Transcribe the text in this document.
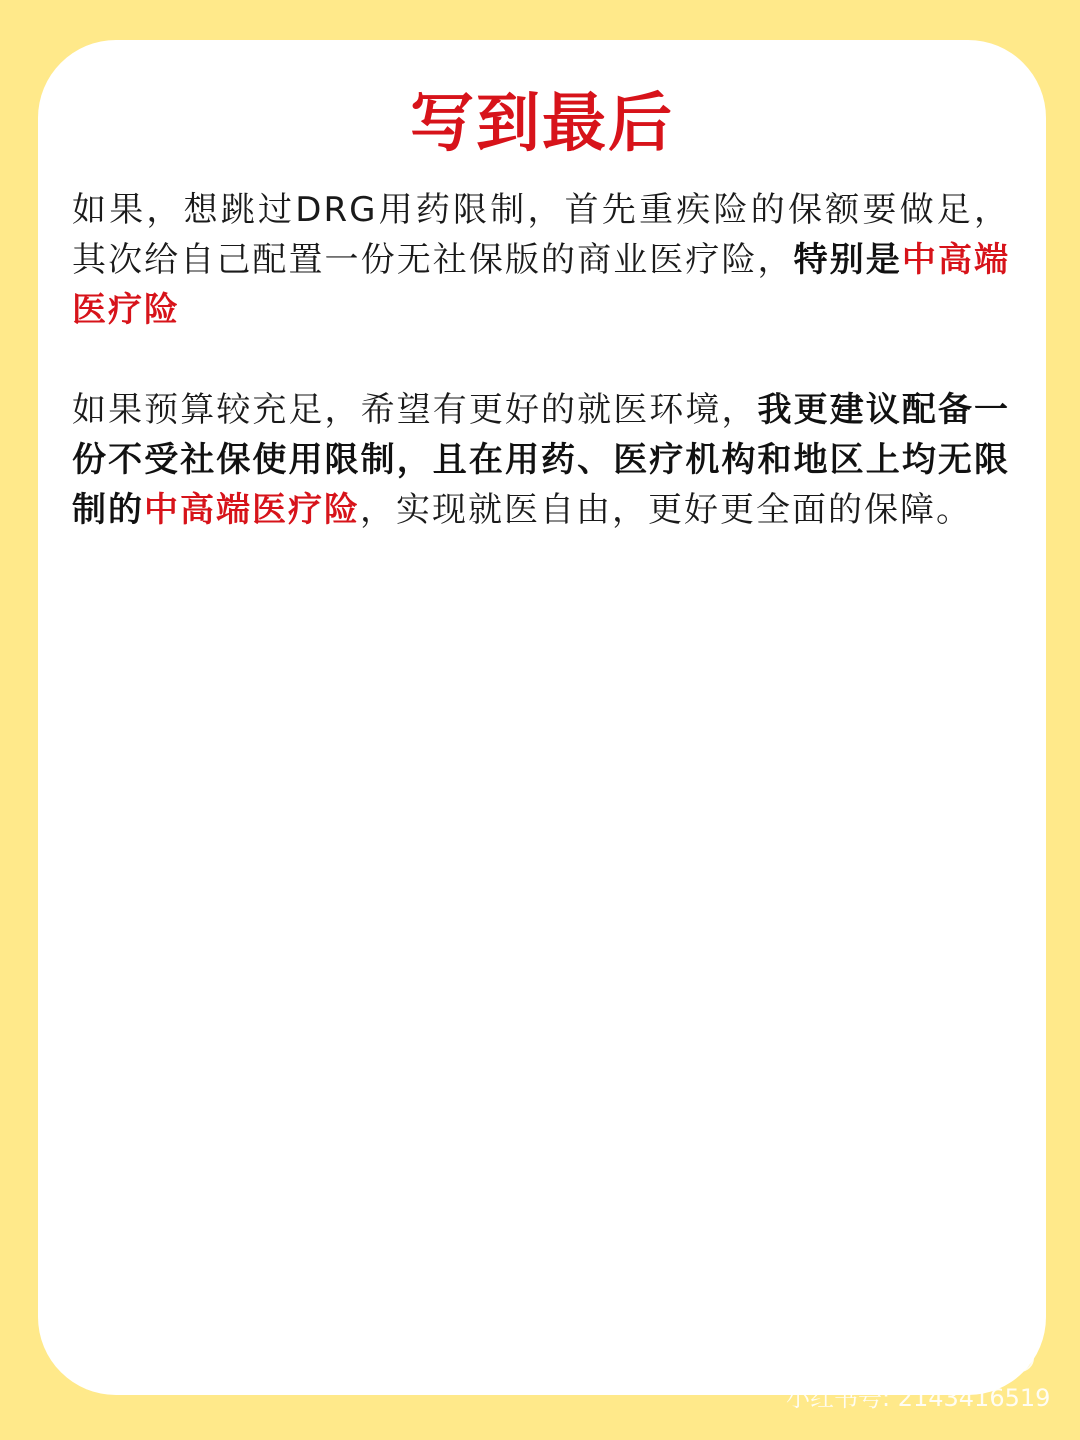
写到最后

如果，想跳过DRG用药限制，首先重疾险的保额要做足，其次给自己配置一份无社保版的商业医疗险，特别是中高端医疗险

如果预算较充足，希望有更好的就医环境，我更建议配备一份不受社保使用限制，且在用药、医疗机构和地区上均无限制的中高端医疗险，实现就医自由，更好更全面的保障。

小红书
小红书号: 2143416519
